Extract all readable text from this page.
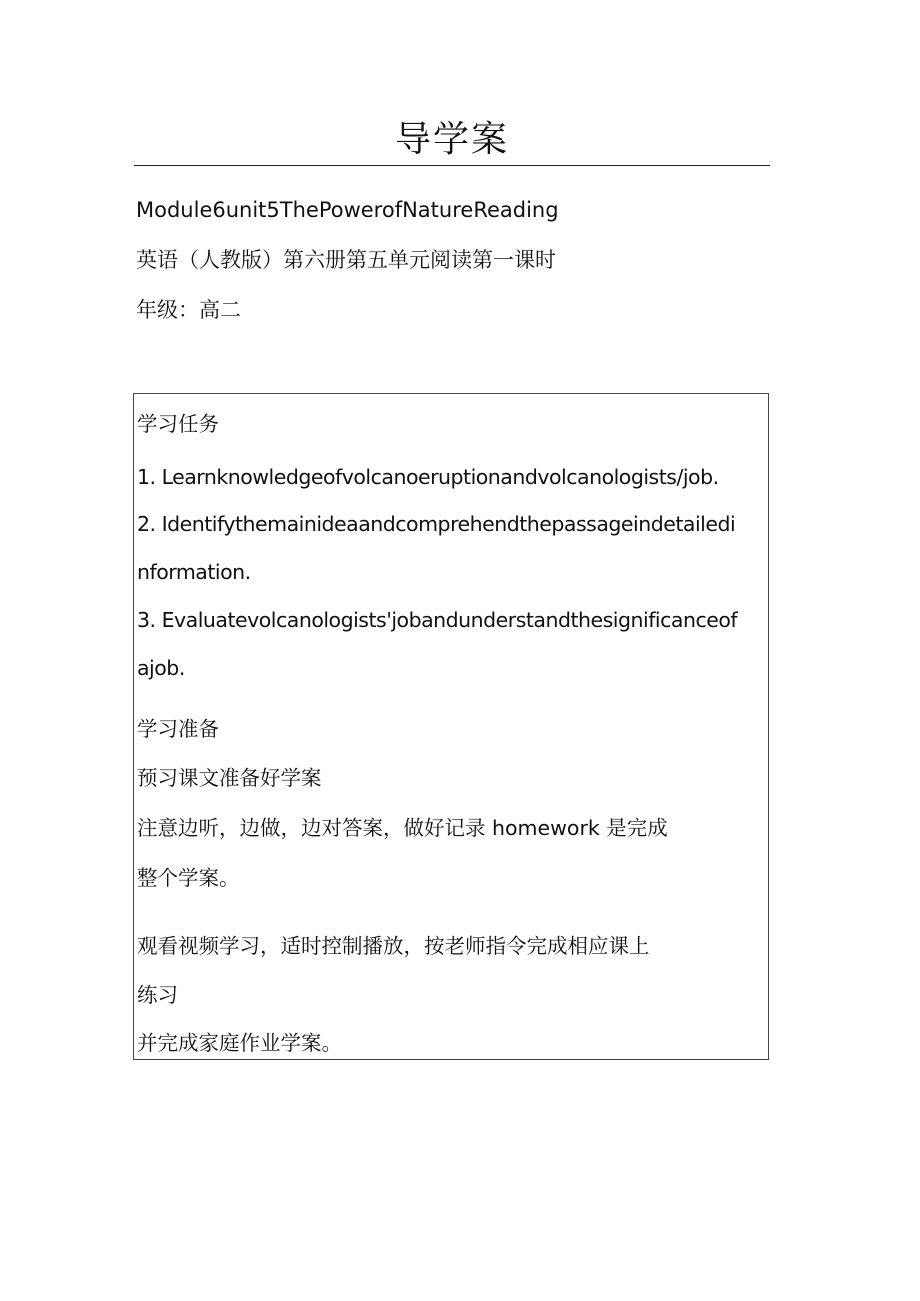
导学案
Module6unit5ThePowerofNatureReading
英语（人教版）第六册第五单元阅读第一课时
年级：高二
学习任务
1. Learnknowledgeofvolcanoeruptionandvolcanologists/job.
2. Identifythemainideaandcomprehendthepassageindetailedi
nformation.
3. Evaluatevolcanologists'jobandunderstandthesignificanceof
ajob.
学习准备
预习课文准备好学案
注意边听，边做，边对答案，做好记录 homework 是完成
整个学案。
观看视频学习，适时控制播放，按老师指令完成相应课上
练习
并完成家庭作业学案。
